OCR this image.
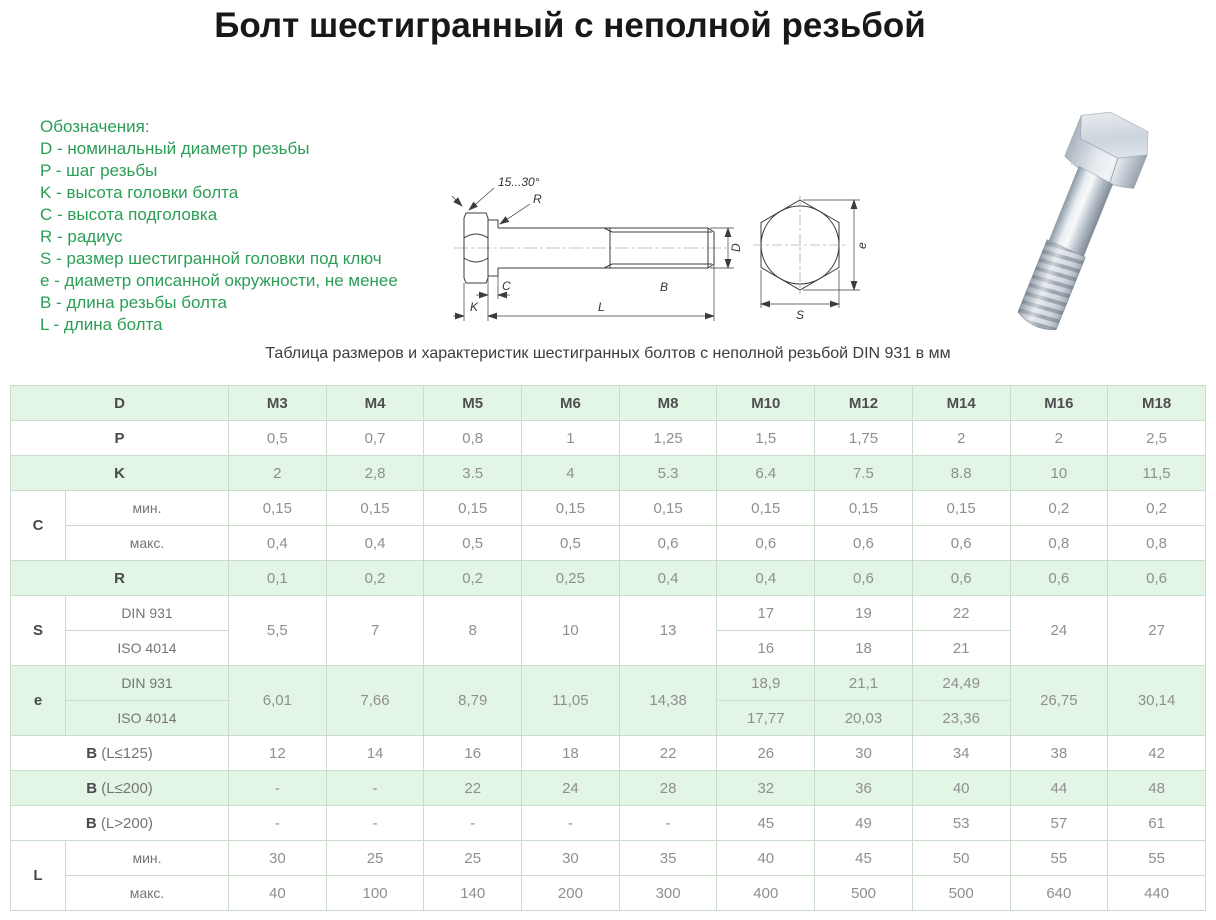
Болт шестигранный с неполной резьбой
Обозначения:
D - номинальный диаметр резьбы
P - шаг резьбы
K - высота головки болта
C - высота подголовка
R - радиус
S - размер шестигранной головки под ключ
e - диаметр описанной окружности, не менее
B - длина резьбы болта
L - длина болта
15...30°
R
C
K	L
B
D
S
e
Таблица размеров и характеристик шестигранных болтов с неполной резьбой DIN 931 в мм
D		M3	M4	M5	M6	M8	M10	M12	M14	M16	M18
P		0,5	0,7	0,8	1	1,25	1,5	1,75	2	2	2,5
K		2	2,8	3.5	4	5.3	6.4	7.5	8.8	10	11,5
C	мин.	0,15	0,15	0,15	0,15	0,15	0,15	0,15	0,15	0,2	0,2
	макс.	0,4	0,4	0,5	0,5	0,6	0,6	0,6	0,6	0,8	0,8
R		0,1	0,2	0,2	0,25	0,4	0,4	0,6	0,6	0,6	0,6
S	DIN 931	5,5	7	8	10	13	17	19	22	24	27
	ISO 4014						16	18	21		
e	DIN 931	6,01	7,66	8,79	11,05	14,38	18,9	21,1	24,49	26,75	30,14
	ISO 4014						17,77	20,03	23,36		
B (L≤125)		12	14	16	18	22	26	30	34	38	42
B (L≤200)		-	-	22	24	28	32	36	40	44	48
B (L>200)		-	-	-	-	-	45	49	53	57	61
L	мин.	30	25	25	30	35	40	45	50	55	55
	макс.	40	100	140	200	300	400	500	500	640	440
